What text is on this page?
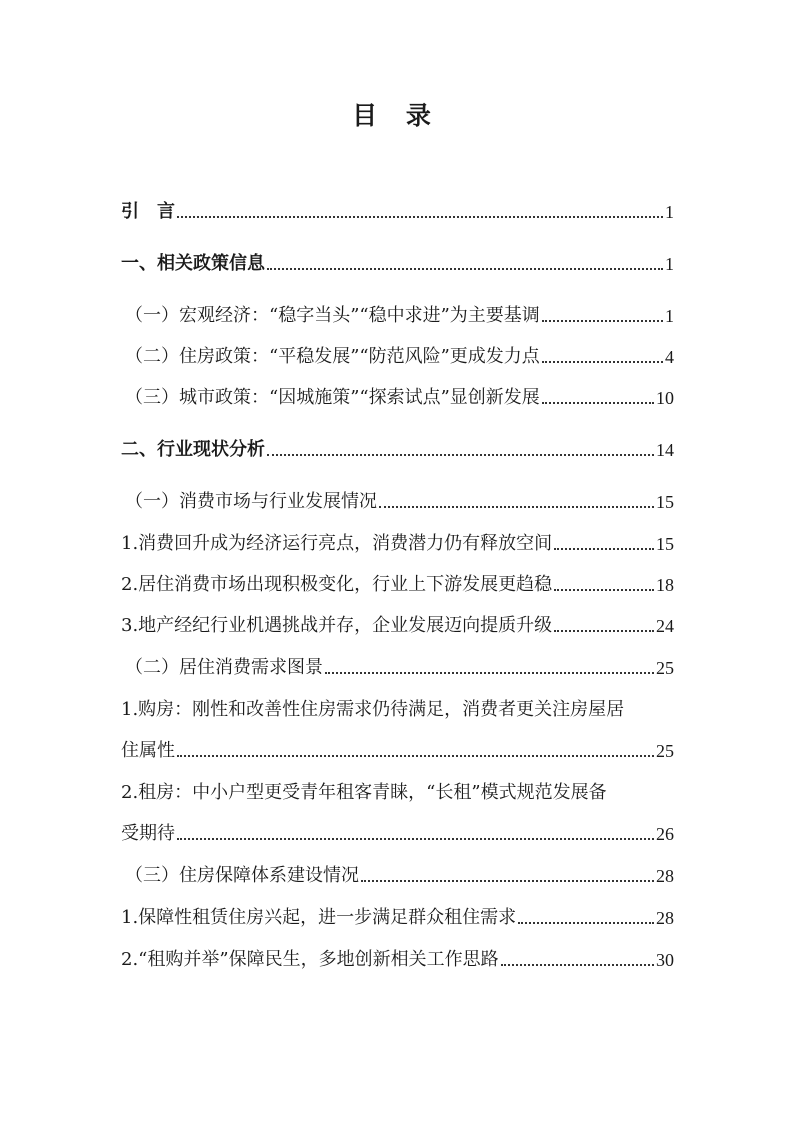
目 录
引　言	1
一、相关政策信息	1
（一）宏观经济：“稳字当头”“稳中求进”为主要基调	1
（二）住房政策：“平稳发展”“防范风险”更成发力点	4
（三）城市政策：“因城施策”“探索试点”显创新发展	10
二、行业现状分析	14
（一）消费市场与行业发展情况	15
1.消费回升成为经济运行亮点，消费潜力仍有释放空间	15
2.居住消费市场出现积极变化，行业上下游发展更趋稳	18
3.地产经纪行业机遇挑战并存，企业发展迈向提质升级	24
（二）居住消费需求图景	25
1.购房：刚性和改善性住房需求仍待满足，消费者更关注房屋居
住属性	25
2.租房：中小户型更受青年租客青睐，“长租”模式规范发展备
受期待	26
（三）住房保障体系建设情况	28
1.保障性租赁住房兴起，进一步满足群众租住需求	28
2.“租购并举”保障民生，多地创新相关工作思路	30
